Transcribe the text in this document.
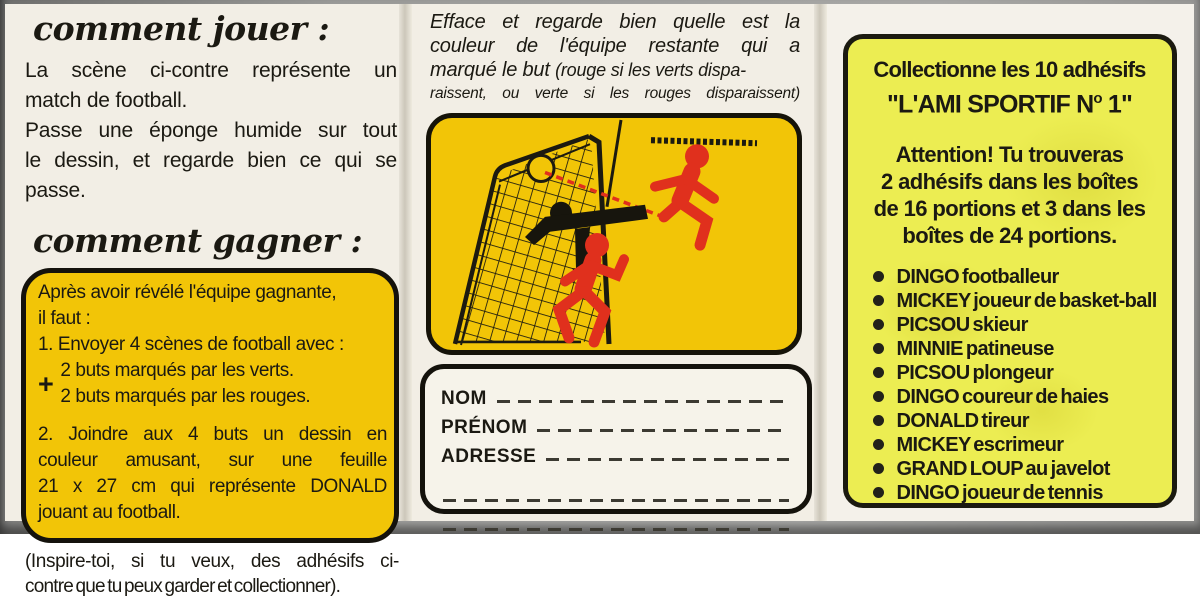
comment jouer :
La scène ci-contre représente un
match de football.
Passe une éponge humide sur tout
le dessin, et regarde bien ce qui se
passe.
comment gagner :
Après avoir révélé l'équipe gagnante,
il faut :
1. Envoyer 4 scènes de football avec :
+ 2 buts marqués par les verts.
2 buts marqués par les rouges.
2. Joindre aux 4 buts un dessin en
couleur amusant, sur une feuille
21 x 27 cm qui représente DONALD
jouant au football.
(Inspire-toi, si tu veux, des adhésifs ci-
contre que tu peux garder et collectionner).
Efface et regarde bien quelle est la
couleur de l'équipe restante qui a
marqué le but (rouge si les verts dispa-
raissent, ou verte si les rouges disparaissent)
NOM
PRÉNOM
ADRESSE
Collectionne les 10 adhésifs
"L'AMI SPORTIF $N^o$ 1"
Attention! Tu trouveras
2 adhésifs dans les boîtes
de 16 portions et 3 dans les
boîtes de 24 portions.
DINGO footballeur
MICKEY joueur de basket-ball
PICSOU skieur
MINNIE patineuse
PICSOU plongeur
DINGO coureur de haies
DONALD tireur
MICKEY escrimeur
GRAND LOUP au javelot
DINGO joueur de tennis
